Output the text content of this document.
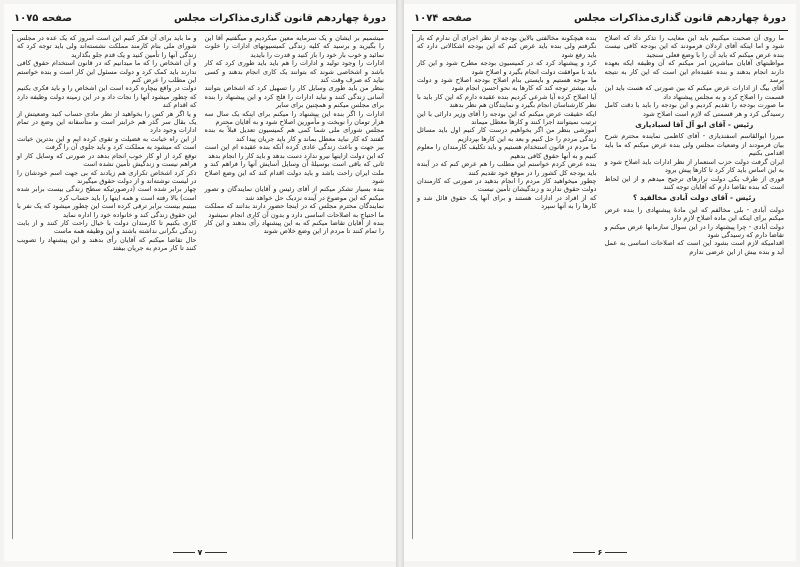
دورهٔ چهاردهم قانون گذاری
مذاکرات مجلس
صفحه ۱۰۷۵

میشمیم بر ایشان و یک سرمایه معین میکردیم و میگفتیم آقا این را بگیرید و برسید که کلیه زندگی کمیسیونهای ادارات را خلوت نمائید و خوب بار خود را باز کنید و قدرت را بایدید

ادارات را وجود تولید و ادارات را هم باید باید طوری کرد که کار باشد و اشخاصی شوند که بتوانند یک کاری انجام بدهند و کسی نیاید که صرف وقت کند

بنظر من باید طوری وسایل کار را تسهیل کرد که اشخاص بتوانند آسانی زندگی کنند و نباید ادارات را فلج کرد و این پیشنهاد را بنده برای مجلس میکنم و همچنین برای سایر

ادارات را اگر بنده این پیشنهاد را میکنم برای اینکه یک سال سه هزار تومان را نوبخت و مأمورین اصلاح شود و به آقایان محترم

مجلس شورای ملی شما کمی هم کمیسیون تعدیل قبلاً به بنده گفتند که کار نباید معطل بماند و کار باید جریان پیدا کند

بیر جهت و باعث زندگی عادی کرده آنکه بنده عقیده ام این است که این دولت ازاینها نیرو ندارد دست بدهد و باید کار را انجام بدهد

ثانی که باقی است بوسیلهٔ آن وسایل آسایش آنها را فراهم کند و ملت ایران راحت باشد و باید دولت اقدام کند که این وضع اصلاح شود

بنده بسیار تشکر میکنم از آقای رئیس و آقایان نمایندگان و تصور میکنم که این موضوع در آینده نزدیک حل خواهد شد

نمایندگان محترم مجلس که در اینجا حضور دارند بدانند که مملکت ما احتیاج به اصلاحات اساسی دارد و بدون آن کاری انجام نمیشود

بنده از آقایان تقاضا میکنم که به این پیشنهاد رأی بدهند و این کار را تمام کنند تا مردم از این وضع خلاص شوند

و ما باید برای آن فکر کنیم این است امروز که یک عده در مجلس شورای ملی بنام کارمند مملکت نشسته‌اند ولی باید توجه کرد که زندگی آنها را تأمین کنید و یک قدم جلو بگذارید

و آن اشخاص را که ما میدانیم که در قانون استخدام حقوق کافی ندارند باید کمک کرد و دولت مسئول این کار است و بنده خواستم این مطلب را عرض کنم

دولت در واقع بیچاره کرده است این اشخاص را و باید فکری بکنیم که چطور میشود آنها را نجات داد و در این زمینه دولت وظیفه دارد که اقدام کند

و یا اگر هر کس را بخواهید از نظر مادی حساب کنید وضعیتش از یک بقال سر گذر هم خرابتر است و متأسفانه این وضع در تمام ادارات وجود دارد

از این راه خیانت به فضیلت و تقوی کرده ایم و این بدترین خیانت است که میشود به مملکت کرد و باید جلوی آن را گرفت

توقع کرد از او کار خوب انجام بدهد در صورتی که وسایل کار او فراهم نیست و زندگیش تأمین نشده است

ذکر کرد اشخاص تکراری هم زیادند که بی جهت اسم خودشان را در لیست نوشته‌اند و از دولت حقوق میگیرند

چهار برابر شده است (درصورتیکه سطح زندگی بیست برابر شده است) بالا رفته است و همه اینها را باید حساب کرد

ببینیم بیست برابر ترقی کرده است این چطور میشود که یک نفر با این حقوق زندگی کند و خانواده خود را اداره نماید

کاری بکنیم تا کارمندان دولت با خیال راحت کار کنند و از بابت زندگی نگرانی نداشته باشند و این وظیفه همه ماست

حال تقاضا میکنم که آقایان رأی بدهند و این پیشنهاد را تصویب کنند تا کار مردم به جریان بیفتد

۷
دورهٔ چهاردهم قانون گذاری
مذاکرات مجلس
صفحه ۱۰۷۴

ما روی آن صحبت میکنیم باید این معایب را تذکر داد که اصلاح شود و اما اینکه آقای اردلان فرمودند که این بودجه کافی نیست بنده عرض میکنم که باید آن را با وضع فعلی سنجید

مواظبتهای آقایان مباشرین امر میکنم که آن وظیفه ایکه بعهده دارند انجام بدهند و بنده عقیده‌ام این است که این کار به نتیجه برسد

آقای بیگ از ادارات عرض میکنم که بین صورتی که هست باید این قسمت را اصلاح کرد و به مجلس پیشنهاد داد

ما صورت بودجه را تقدیم کردیم و این بودجه را باید با دقت کامل رسیدگی کرد و هر قسمتی که لازم است اصلاح شود

رئیس - آقای ابو آل آقا لسبادیاری

میرزا ابوالقاسم اسفندیاری - آقای کاظمی نماینده محترم شرح بیان فرمودند از وضعیات مجلس ولی بنده عرض میکنم که ما باید اقدامی بکنیم

ایران گرفت دولت حزب استعمار از نظر ادارات باید اصلاح شود و به این اساس باید کار کرد تا کارها پیش برود

فوری از طرف یکی دولت ترازهای ترجیح میدهم و از این لحاظ است که بنده تقاضا دارم که آقایان توجه کنند

رئیس - آقای دولت آبادی مخالفید ؟

دولت آبادی - بلی مخالفم که این مادهٔ پیشنهادی را بنده عرض میکنم برای اینکه این ماده اصلاح لازم دارد

دولت آبادی - چرا پیشنهاد را در این سوال سازمانها عرض میکنم و تقاضا دارم که رسیدگی شود

اقدامیکه لازم است بشود این است که اصلاحات اساسی به عمل آید و بنده بیش از این عرضی ندارم

بنده هیچکونه مخالفتی بالاین بودجه از نظر اجرای آن ندارم که باز نگرفتم ولی بنده باید عرض کنم که این بودجه اشکالاتی دارد که باید رفع شود

کرد و پیشنهاد کرد که در کمیسیون بودجه مطرح شود و این کار باید با موافقت دولت انجام بگیرد و اصلاح شود

ما موجه هستیم و بایستی بنام اصلاح بودجه اصلاح شود و دولت باید بیشتر توجه کند که کارها به نحو احسن انجام شود

آیا اصلاح کرده آیا شرعی کردیم بنده عقیده دارم که این کار باید با نظر کارشناسان انجام بگیرد و نمایندگان هم نظر بدهند

ایکه حقیقت عرض میکنم که این بودجه را آقای وزیر دارائی با این ترتیب نمیتوانند اجرا کنند و کارها معطل میماند

آموزشی بنظر من اگر بخواهیم درست کار کنیم اول باید مسائل زندگی مردم را حل کنیم و بعد به این کارها بپردازیم

ما مردم در قانون استخدام هستیم و باید تکلیف کارمندان را معلوم کنیم و به آنها حقوق کافی بدهیم

بنده عرض کردم خواستم این مطلب را هم عرض کنم که در آینده باید بودجه کل کشور را در موقع خود تقدیم کنند

چطور میخواهید کار مردم را انجام بدهید در صورتی که کارمندان دولت حقوق ندارند و زندگیشان تأمین نیست

که از افراد در ادارات هستند و برای آنها یک حقوق قائل شد و کارها را به آنها سپرد

۶
